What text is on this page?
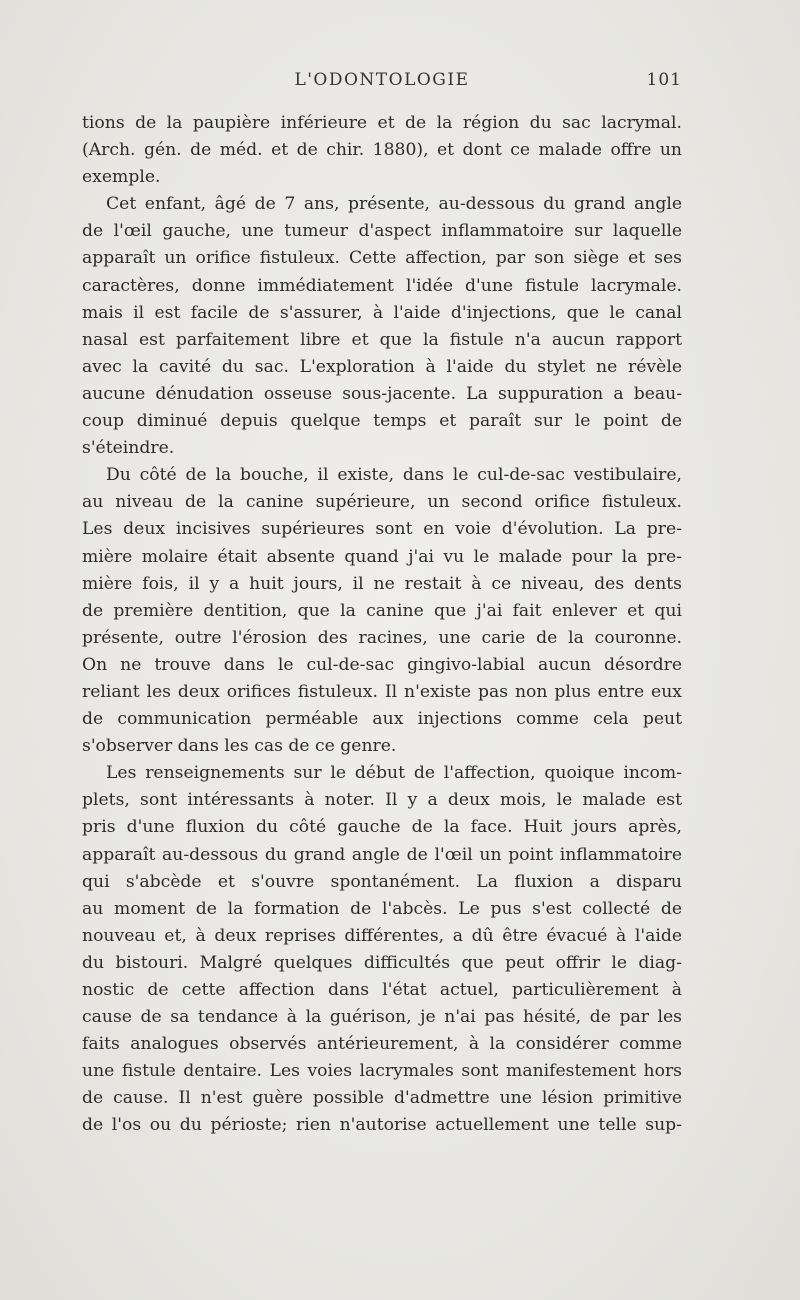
L'ODONTOLOGIE	101

tions de la paupière inférieure et de la région du sac lacrymal.

(Arch. gén. de méd. et de chir. 1880), et dont ce malade offre un

exemple.

Cet enfant, âgé de 7 ans, présente, au-dessous du grand angle

de l'œil gauche, une tumeur d'aspect inflammatoire sur laquelle

apparaît un orifice fistuleux. Cette affection, par son siège et ses

caractères, donne immédiatement l'idée d'une fistule lacrymale.

mais il est facile de s'assurer, à l'aide d'injections, que le canal

nasal est parfaitement libre et que la fistule n'a aucun rapport

avec la cavité du sac. L'exploration à l'aide du stylet ne révèle

aucune dénudation osseuse sous-jacente. La suppuration a beau-

coup diminué depuis quelque temps et paraît sur le point de

s'éteindre.

Du côté de la bouche, il existe, dans le cul-de-sac vestibulaire,

au niveau de la canine supérieure, un second orifice fistuleux.

Les deux incisives supérieures sont en voie d'évolution. La pre-

mière molaire était absente quand j'ai vu le malade pour la pre-

mière fois, il y a huit jours, il ne restait à ce niveau, des dents

de première dentition, que la canine que j'ai fait enlever et qui

présente, outre l'érosion des racines, une carie de la couronne.

On ne trouve dans le cul-de-sac gingivo-labial aucun désordre

reliant les deux orifices fistuleux. Il n'existe pas non plus entre eux

de communication perméable aux injections comme cela peut

s'observer dans les cas de ce genre.

Les renseignements sur le début de l'affection, quoique incom-

plets, sont intéressants à noter. Il y a deux mois, le malade est

pris d'une fluxion du côté gauche de la face. Huit jours après,

apparaît au-dessous du grand angle de l'œil un point inflammatoire

qui s'abcède et s'ouvre spontanément. La fluxion a disparu

au moment de la formation de l'abcès. Le pus s'est collecté de

nouveau et, à deux reprises différentes, a dû être évacué à l'aide

du bistouri. Malgré quelques difficultés que peut offrir le diag-

nostic de cette affection dans l'état actuel, particulièrement à

cause de sa tendance à la guérison, je n'ai pas hésité, de par les

faits analogues observés antérieurement, à la considérer comme

une fistule dentaire. Les voies lacrymales sont manifestement hors

de cause. Il n'est guère possible d'admettre une lésion primitive

de l'os ou du périoste; rien n'autorise actuellement une telle sup-
